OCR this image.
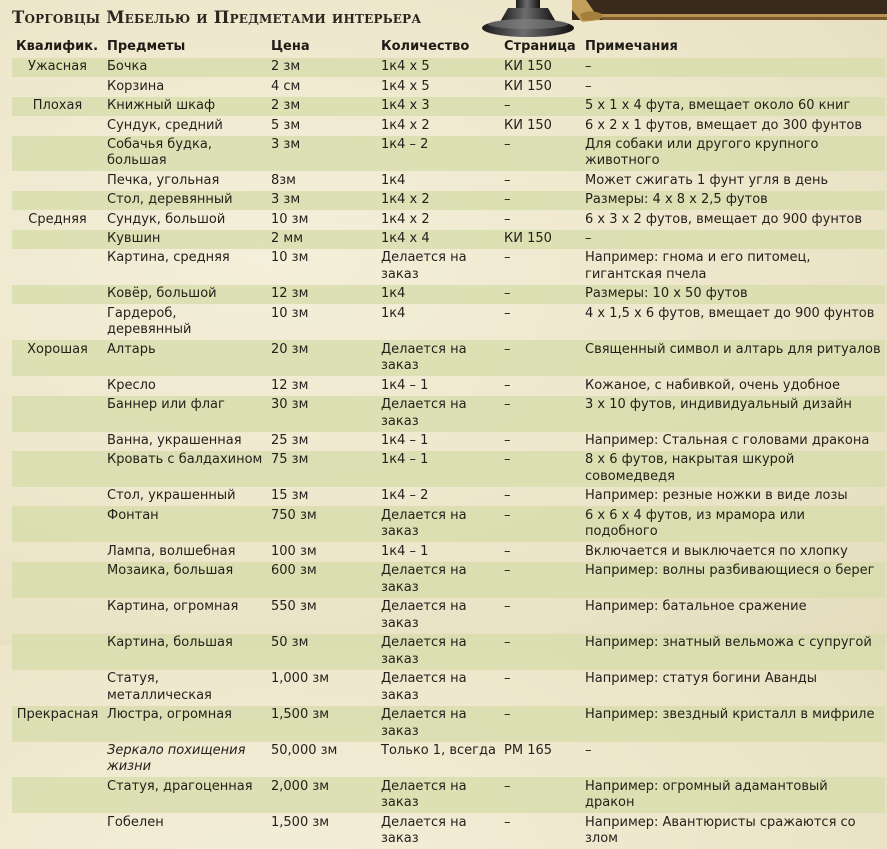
Торговцы Мебелью и Предметами интерьера
Квалифик.	Предметы	Цена	Количество	Страница	Примечания
Ужасная	Бочка	2 зм	1к4 х 5	КИ 150	–
	Корзина	4 см	1к4 х 5	КИ 150	–
Плохая	Книжный шкаф	2 зм	1к4 х 3	–	5 х 1 х 4 фута, вмещает около 60 книг
	Сундук, средний	5 зм	1к4 х 2	КИ 150	6 х 2 х 1 футов, вмещает до 300 фунтов
	Собачья будка, большая	3 зм	1к4 – 2	–	Для собаки или другого крупного животного
	Печка, угольная	8зм	1к4	–	Может сжигать 1 фунт угля в день
	Стол, деревянный	3 зм	1к4 х 2	–	Размеры: 4 х 8 х 2,5 футов
Средняя	Сундук, большой	10 зм	1к4 х 2	–	6 х 3 х 2 футов, вмещает до 900 фунтов
	Кувшин	2 мм	1к4 х 4	КИ 150	–
	Картина, средняя	10 зм	Делается на заказ	–	Например: гнома и его питомец, гигантская пчела
	Ковёр, большой	12 зм	1к4	–	Размеры: 10 х 50 футов
	Гардероб, деревянный	10 зм	1к4	–	4 х 1,5 х 6 футов, вмещает до 900 фунтов
Хорошая	Алтарь	20 зм	Делается на заказ	–	Священный символ и алтарь для ритуалов
	Кресло	12 зм	1к4 – 1	–	Кожаное, с набивкой, очень удобное
	Баннер или флаг	30 зм	Делается на заказ	–	3 х 10 футов, индивидуальный дизайн
	Ванна, украшенная	25 зм	1к4 – 1	–	Например: Стальная с головами дракона
	Кровать с балдахином	75 зм	1к4 – 1	–	8 х 6 футов, накрытая шкурой совомедведя
	Стол, украшенный	15 зм	1к4 – 2	–	Например: резные ножки в виде лозы
	Фонтан	750 зм	Делается на заказ	–	6 х 6 х 4 футов, из мрамора или подобного
	Лампа, волшебная	100 зм	1к4 – 1	–	Включается и выключается по хлопку
	Мозаика, большая	600 зм	Делается на заказ	–	Например: волны разбивающиеся о берег
	Картина, огромная	550 зм	Делается на заказ	–	Например: батальное сражение
	Картина, большая	50 зм	Делается на заказ	–	Например: знатный вельможа с супругой
	Статуя, металлическая	1,000 зм	Делается на заказ	–	Например: статуя богини Аванды
Прекрасная	Люстра, огромная	1,500 зм	Делается на заказ	–	Например: звездный кристалл в мифриле
	Зеркало похищения жизни	50,000 зм	Только 1, всегда	РМ 165	–
	Статуя, драгоценная	2,000 зм	Делается на заказ	–	Например: огромный адамантовый дракон
	Гобелен	1,500 зм	Делается на заказ	–	Например: Авантюристы сражаются со злом
